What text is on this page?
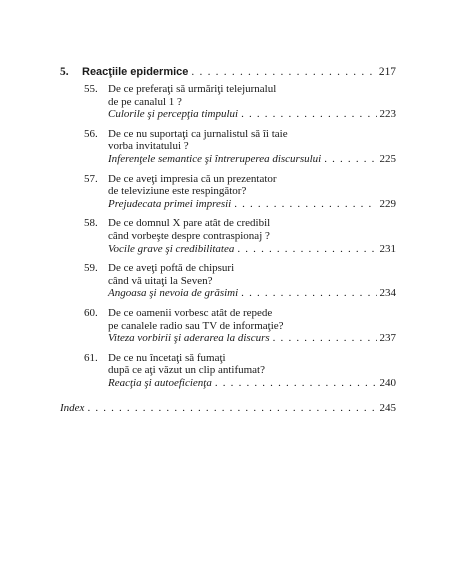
5.	Reacţiile epidermice . . .	217
55. De ce preferaţi să urmăriţi telejurnalul
de pe canalul 1 ?
Culorile şi percepţia timpului . . .	223
56. De ce nu suportaţi ca jurnalistul să îi taie
vorba invitatului ?
Inferenţele semantice şi întreruperea discursului . . .	225
57. De ce aveţi impresia că un prezentator
de televiziune este respingător?
Prejudecata primei impresii . . .	229
58. De ce domnul X pare atât de credibil
când vorbeşte despre contraspionaj ?
Vocile grave şi credibilitatea . . .	231
59. De ce aveţi poftă de chipsuri
când vă uitaţi la Seven?
Angoasa şi nevoia de grăsimi . . .	234
60. De ce oamenii vorbesc atât de repede
pe canalele radio sau TV de informaţie?
Viteza vorbirii şi aderarea la discurs . . .	237
61. De ce nu încetaţi să fumaţi
după ce aţi văzut un clip antifumat?
Reacţia şi autoeficienţa . . .	240
Index . . .	245
